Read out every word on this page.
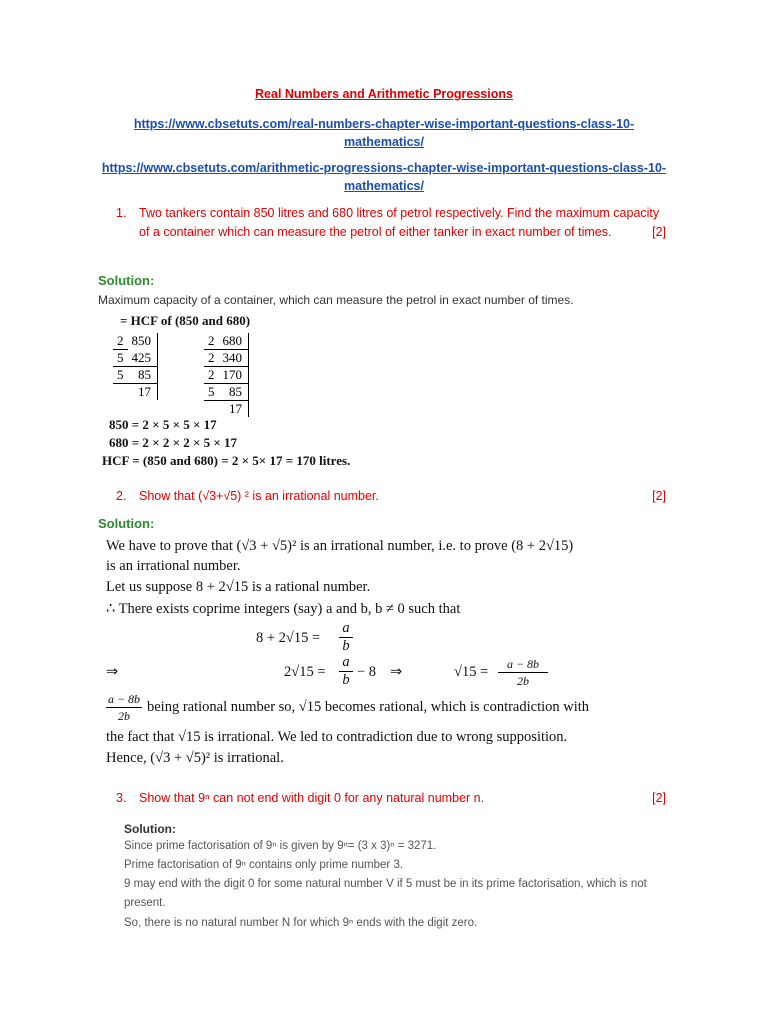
Real Numbers and Arithmetic Progressions
https://www.cbsetuts.com/real-numbers-chapter-wise-important-questions-class-10-
mathematics/
https://www.cbsetuts.com/arithmetic-progressions-chapter-wise-important-questions-class-10-
mathematics/
1. Two tankers contain 850 litres and 680 litres of petrol respectively. Find the maximum capacity of a container which can measure the petrol of either tanker in exact number of times.	[2]
Solution:
Maximum capacity of a container, which can measure the petrol in exact number of times.
= HCF of (850 and 680)
2	850
5	425
5	85
	17
2	680
2	340
2	170
5	85
	17
850 = 2 × 5 × 5 × 17
680 = 2 × 2 × 2 × 5 × 17
HCF = (850 and 680) = 2 × 5× 17 = 170 litres.
2. Show that (√3+√5) ² is an irrational number.	[2]
Solution:
We have to prove that (√3 + √5)² is an irrational number, i.e. to prove (8 + 2√15)
is an irrational number.
Let us suppose 8 + 2√15 is a rational number.
∴ There exists coprime integers (say) a and b, b ≠ 0 such that
$8 + 2√15 = \frac{a}{b}$
⇒	$2√15 = \frac{a}{b} - 8$ ⇒	$√15 = \frac{a - 8b}{2b}$
$\frac{a - 8b}{2b}$ being rational number so, √15 becomes rational, which is contradiction with
the fact that √15 is irrational. We led to contradiction due to wrong supposition.
Hence, (√3 + √5)² is irrational.
3. Show that 9ⁿ can not end with digit 0 for any natural number n.	[2]
Solution:
Since prime factorisation of 9ⁿ is given by 9ⁿ= (3 x 3)ⁿ = 3271.
Prime factorisation of 9ⁿ contains only prime number 3.
9 may end with the digit 0 for some natural number V if 5 must be in its prime factorisation, which is not
present.
So, there is no natural number N for which 9ⁿ ends with the digit zero.
